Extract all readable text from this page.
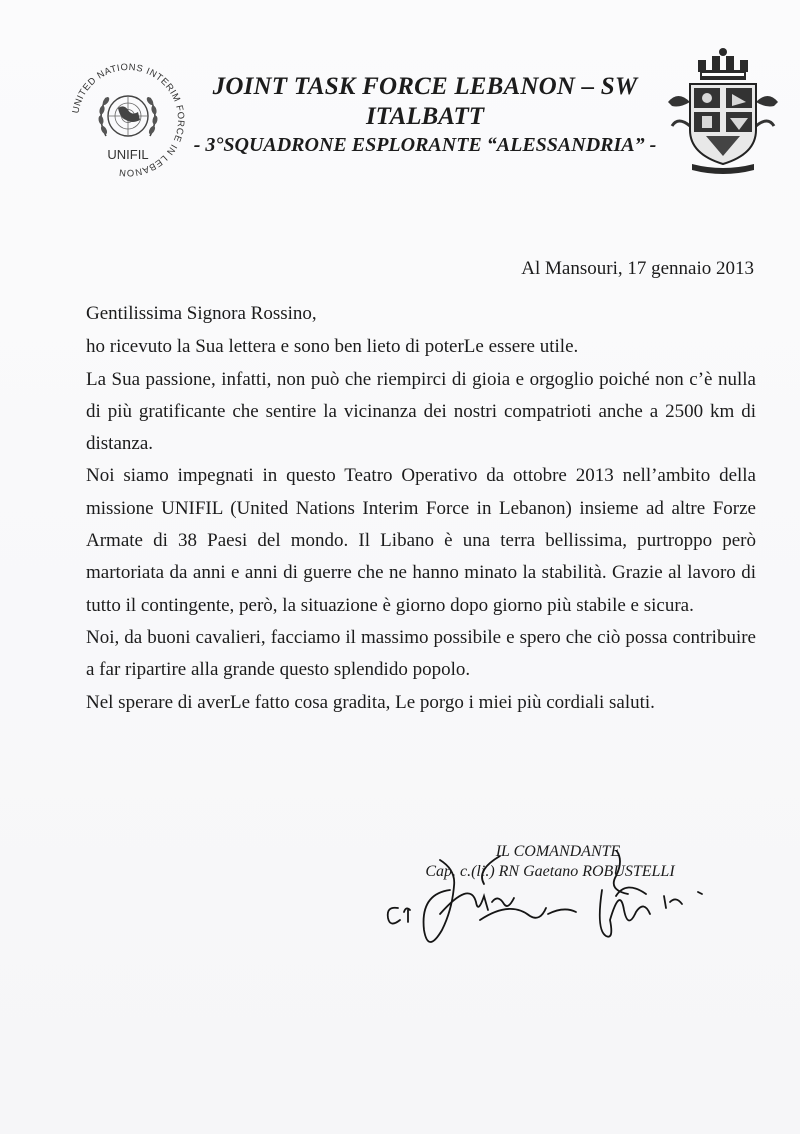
UNITED NATIONS INTERIM FORCE IN LEBANON
UNIFIL
JOINT TASK FORCE LEBANON – SW
ITALBATT
- 3°SQUADRONE ESPLORANTE “ALESSANDRIA” -
Al Mansouri, 17 gennaio 2013

Gentilissima Signora Rossino,

ho ricevuto la Sua lettera e sono ben lieto di poterLe essere utile.

La Sua passione, infatti, non può che riempirci di gioia e orgoglio poiché non c’è nulla di più gratificante che sentire la vicinanza dei nostri compatrioti anche a 2500 km di distanza.

Noi siamo impegnati in questo Teatro Operativo da ottobre 2013 nell’ambito della missione UNIFIL (United Nations Interim Force in Lebanon) insieme ad altre Forze Armate di 38 Paesi del mondo. Il Libano è una terra bellissima, purtroppo però martoriata da anni e anni di guerre che ne hanno minato la stabilità. Grazie al lavoro di tutto il contingente, però, la situazione è giorno dopo giorno più stabile e sicura.

Noi, da buoni cavalieri, facciamo il massimo possibile e spero che ciò possa contribuire a far ripartire alla grande questo splendido popolo.

Nel sperare di averLe fatto cosa gradita, Le porgo i miei più cordiali saluti.

IL COMANDANTE
Cap. c.(li.) RN Gaetano ROBUSTELLI
